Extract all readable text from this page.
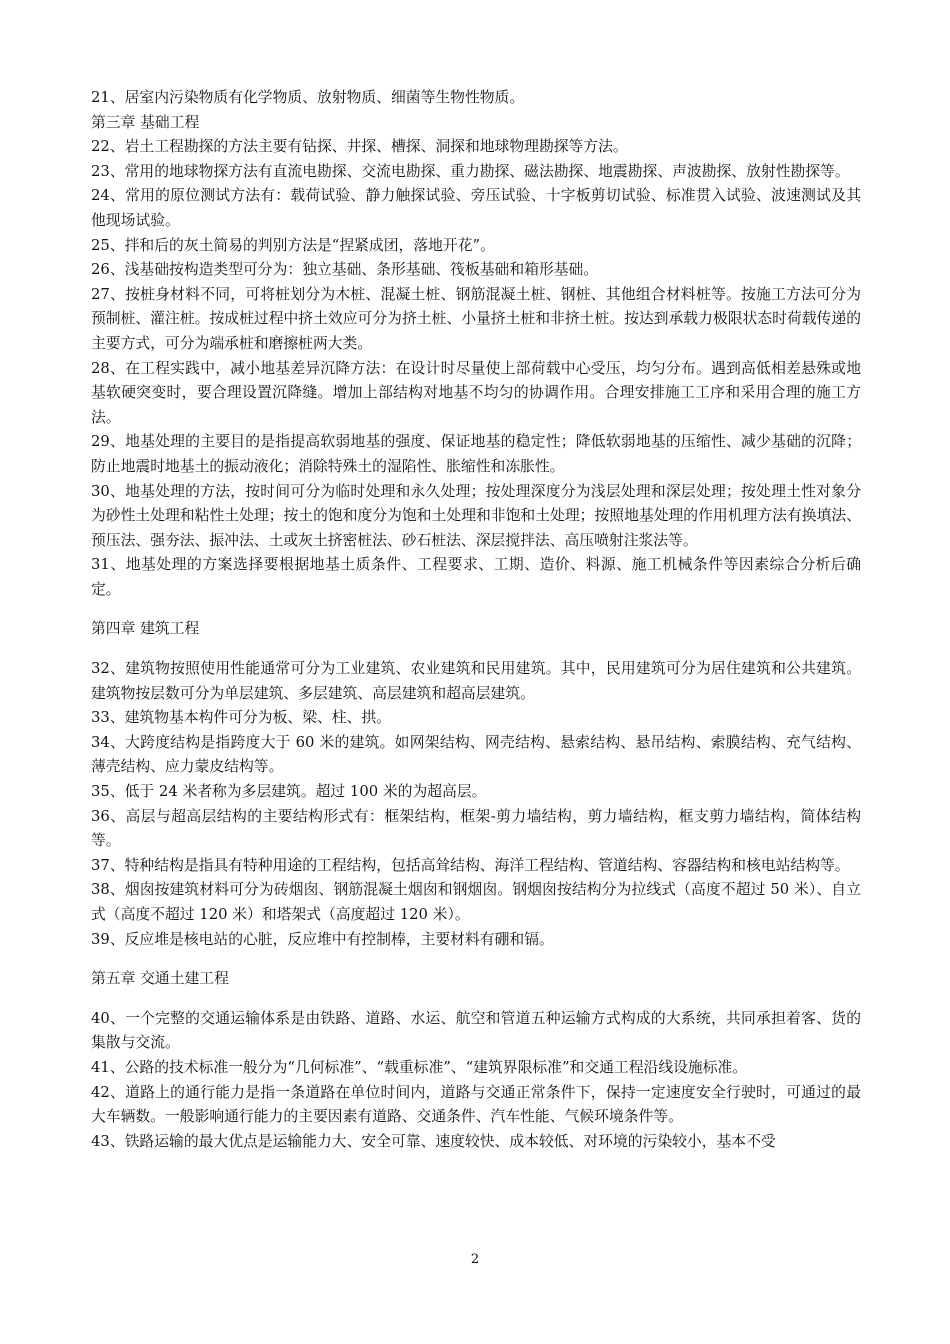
21、居室内污染物质有化学物质、放射物质、细菌等生物性物质。
第三章 基础工程
22、岩土工程勘探的方法主要有钻探、井探、槽探、洞探和地球物理勘探等方法。
23、常用的地球物探方法有直流电勘探、交流电勘探、重力勘探、磁法勘探、地震勘探、声波勘探、放射性勘探等。
24、常用的原位测试方法有：载荷试验、静力触探试验、旁压试验、十字板剪切试验、标准贯入试验、波速测试及其他现场试验。
25、拌和后的灰土简易的判别方法是“捏紧成团，落地开花”。
26、浅基础按构造类型可分为：独立基础、条形基础、筏板基础和箱形基础。
27、按桩身材料不同，可将桩划分为木桩、混凝土桩、钢筋混凝土桩、钢桩、其他组合材料桩等。按施工方法可分为预制桩、灌注桩。按成桩过程中挤土效应可分为挤土桩、小量挤土桩和非挤土桩。按达到承载力极限状态时荷载传递的主要方式，可分为端承桩和磨擦桩两大类。
28、在工程实践中，减小地基差异沉降方法：在设计时尽量使上部荷载中心受压，均匀分布。遇到高低相差悬殊或地基软硬突变时，要合理设置沉降缝。增加上部结构对地基不均匀的协调作用。合理安排施工工序和采用合理的施工方法。
29、地基处理的主要目的是指提高软弱地基的强度、保证地基的稳定性；降低软弱地基的压缩性、减少基础的沉降；防止地震时地基土的振动液化；消除特殊土的湿陷性、胀缩性和冻胀性。
30、地基处理的方法，按时间可分为临时处理和永久处理；按处理深度分为浅层处理和深层处理；按处理土性对象分为砂性土处理和粘性土处理；按土的饱和度分为饱和土处理和非饱和土处理；按照地基处理的作用机理方法有换填法、预压法、强夯法、振冲法、土或灰土挤密桩法、砂石桩法、深层搅拌法、高压喷射注浆法等。
31、地基处理的方案选择要根据地基土质条件、工程要求、工期、造价、料源、施工机械条件等因素综合分析后确定。
第四章 建筑工程
32、建筑物按照使用性能通常可分为工业建筑、农业建筑和民用建筑。其中，民用建筑可分为居住建筑和公共建筑。建筑物按层数可分为单层建筑、多层建筑、高层建筑和超高层建筑。
33、建筑物基本构件可分为板、梁、柱、拱。
34、大跨度结构是指跨度大于 60 米的建筑。如网架结构、网壳结构、悬索结构、悬吊结构、索膜结构、充气结构、薄壳结构、应力蒙皮结构等。
35、低于 24 米者称为多层建筑。超过 100 米的为超高层。
36、高层与超高层结构的主要结构形式有：框架结构，框架-剪力墙结构，剪力墙结构，框支剪力墙结构，简体结构等。
37、特种结构是指具有特种用途的工程结构，包括高耸结构、海洋工程结构、管道结构、容器结构和核电站结构等。
38、烟囱按建筑材料可分为砖烟囱、钢筋混凝土烟囱和钢烟囱。钢烟囱按结构分为拉线式（高度不超过 50 米）、自立式（高度不超过 120 米）和塔架式（高度超过 120 米）。
39、反应堆是核电站的心脏，反应堆中有控制棒，主要材料有硼和镉。
第五章 交通土建工程
40、一个完整的交通运输体系是由铁路、道路、水运、航空和管道五种运输方式构成的大系统，共同承担着客、货的集散与交流。
41、公路的技术标准一般分为“几何标准”、“载重标准”、“建筑界限标准”和交通工程沿线设施标准。
42、道路上的通行能力是指一条道路在单位时间内，道路与交通正常条件下，保持一定速度安全行驶时，可通过的最大车辆数。一般影响通行能力的主要因素有道路、交通条件、汽车性能、气候环境条件等。
43、铁路运输的最大优点是运输能力大、安全可靠、速度较快、成本较低、对环境的污染较小，基本不受
2
